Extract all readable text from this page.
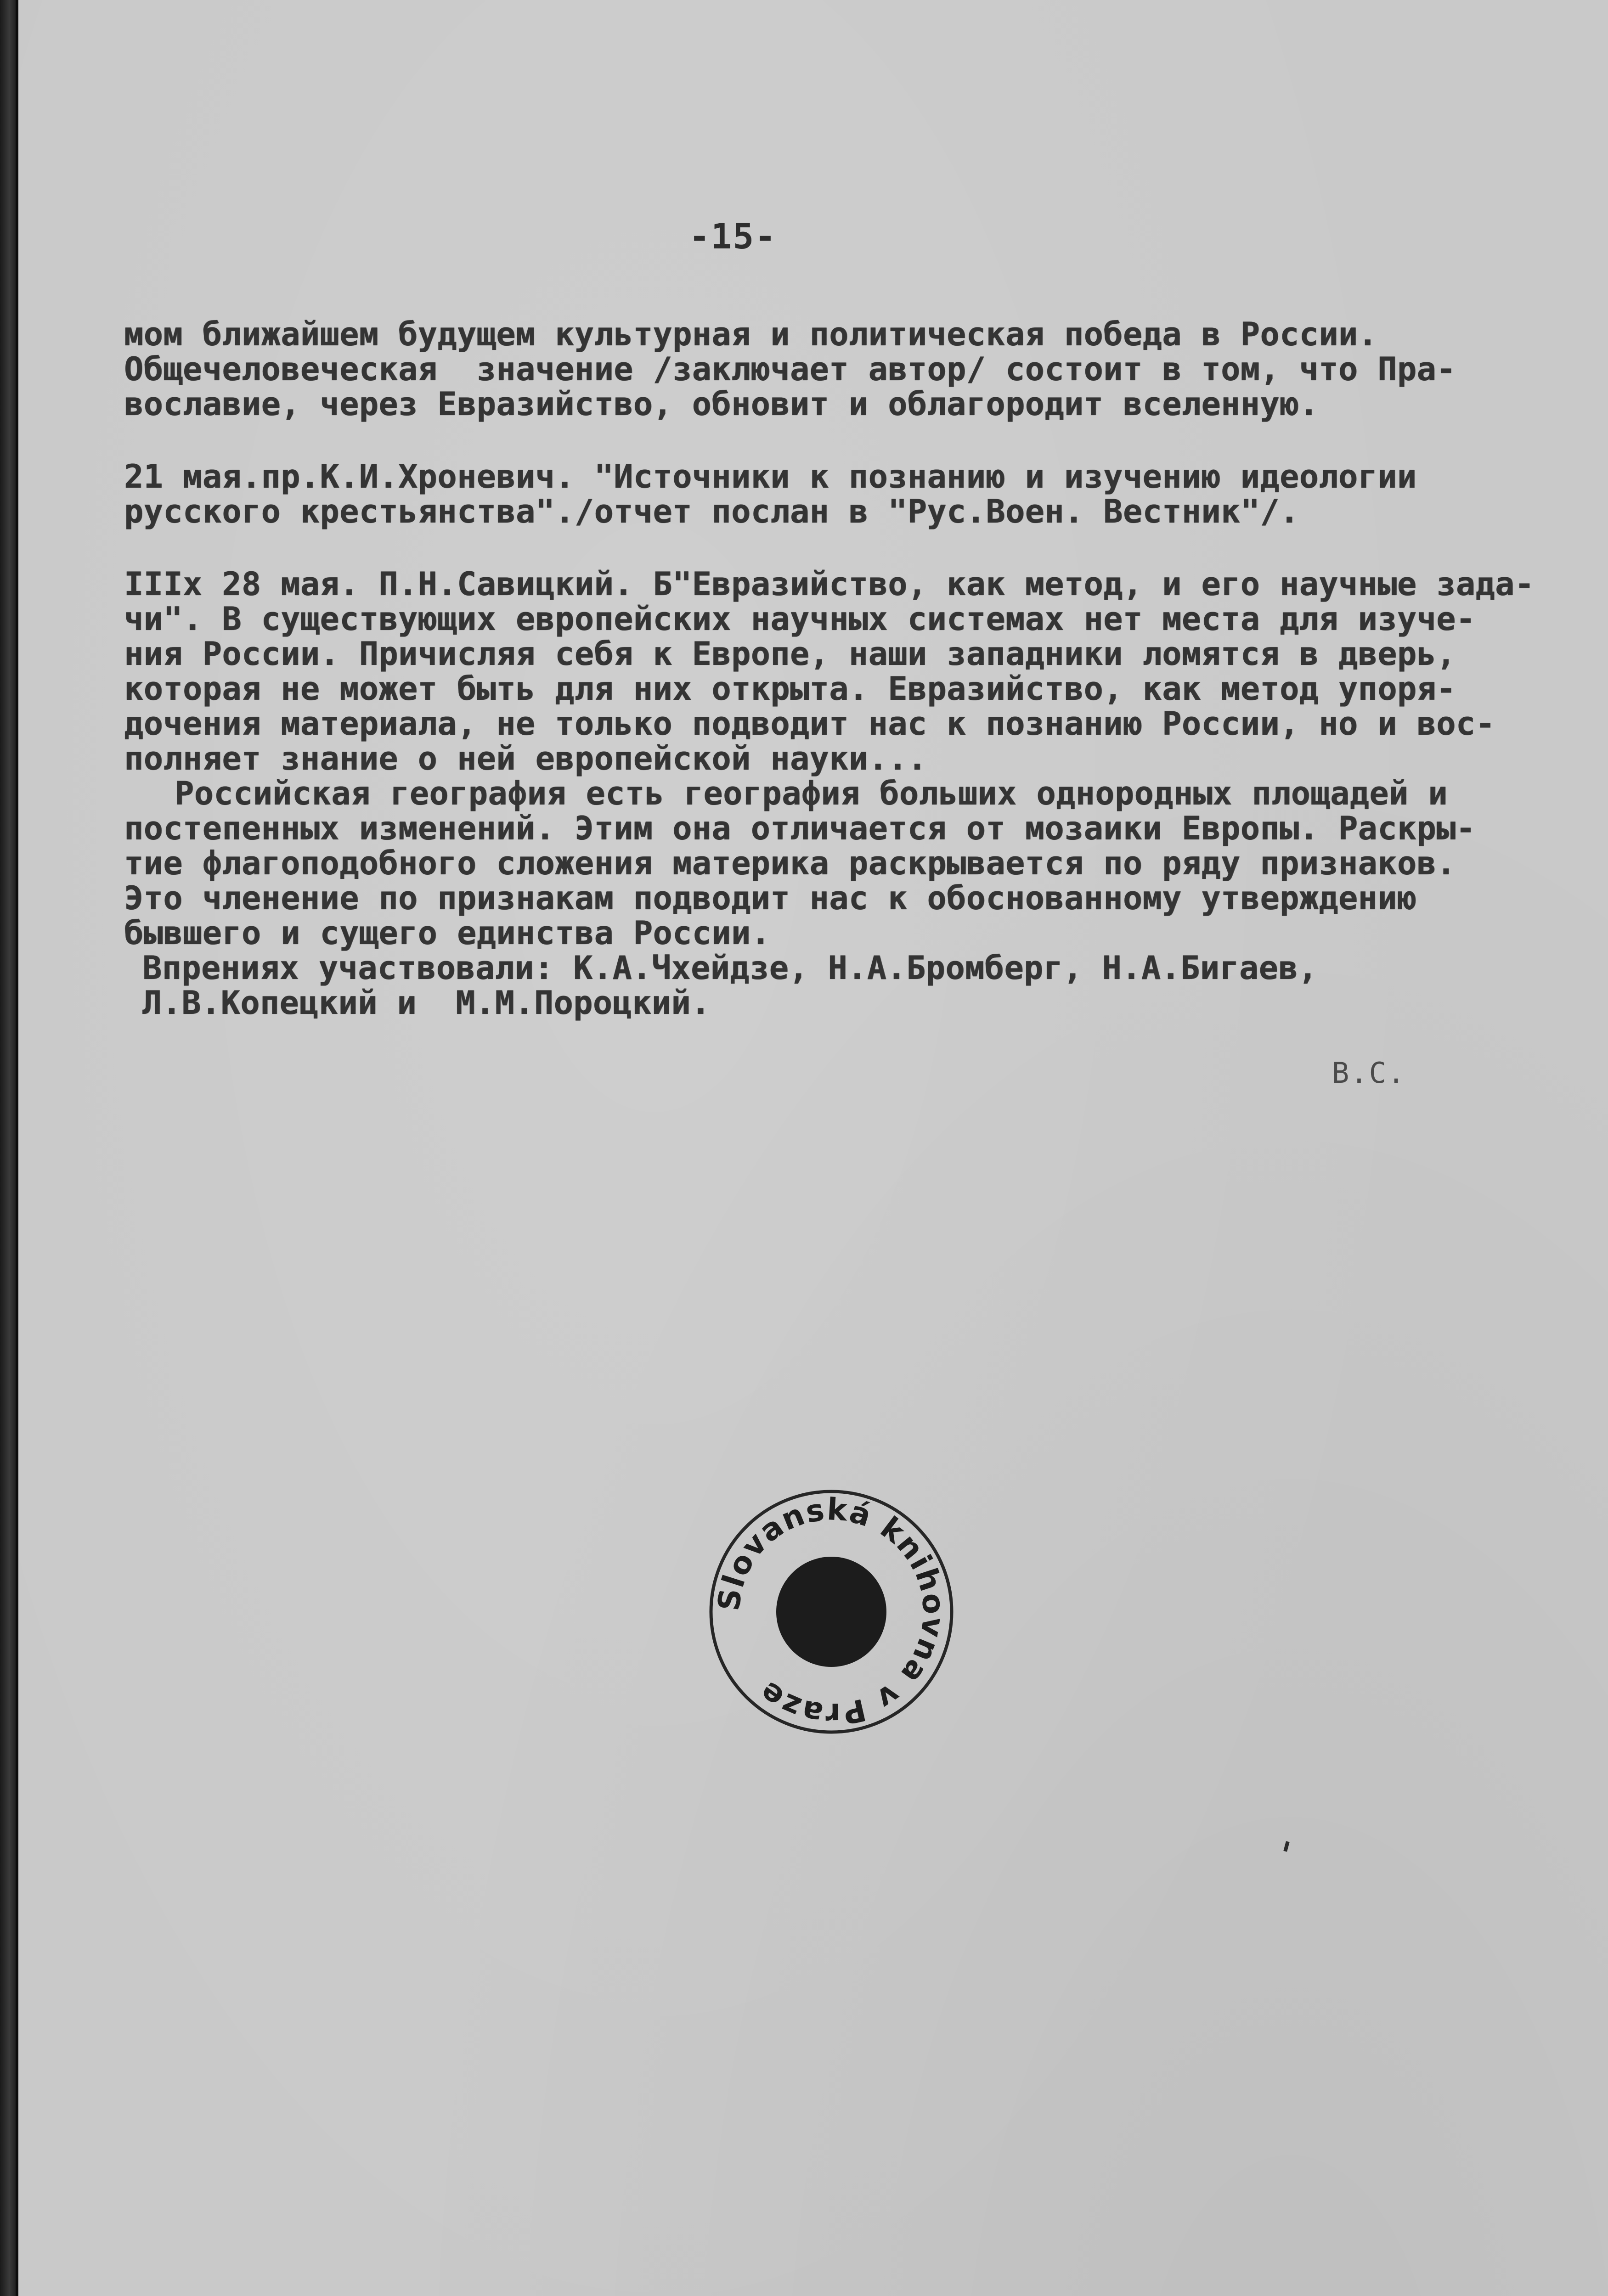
-15-
мом ближайшем будущем культурная и политическая победа в России.
Общечеловеческая  значение /заключает автор/ состоит в том, что Пра-
вославие, через Евразийство, обновит и облагородит вселенную.
21 мая.пр.К.И.Хроневич. "Источники к познанию и изучению идеологии
русского крестьянства"./отчет послан в "Рус.Воен. Вестник"/.
IIIх 28 мая. П.Н.Савицкий. Б"Евразийство, как метод, и его научные зада-
чи". В существующих европейских научных системах нет места для изуче-
ния России. Причисляя себя к Европе, наши западники ломятся в дверь,
которая не может быть для них открыта. Евразийство, как метод упоря-
дочения материала, не только подводит нас к познанию России, но и вос-
полняет знание о ней европейской науки...
Российская география есть география больших однородных площадей и
постепенных изменений. Этим она отличается от мозаики Европы. Раскры-
тие флагоподобного сложения материка раскрывается по ряду признаков.
Это членение по признакам подводит нас к обоснованному утверждению
бывшего и сущего единства России.
Впрениях участвовали: К.А.Чхейдзе, Н.А.Бромберг, Н.А.Бигаев,
Л.В.Копецкий и  М.М.Пороцкий.
В.С.
Slovanská knihovna v Praze
